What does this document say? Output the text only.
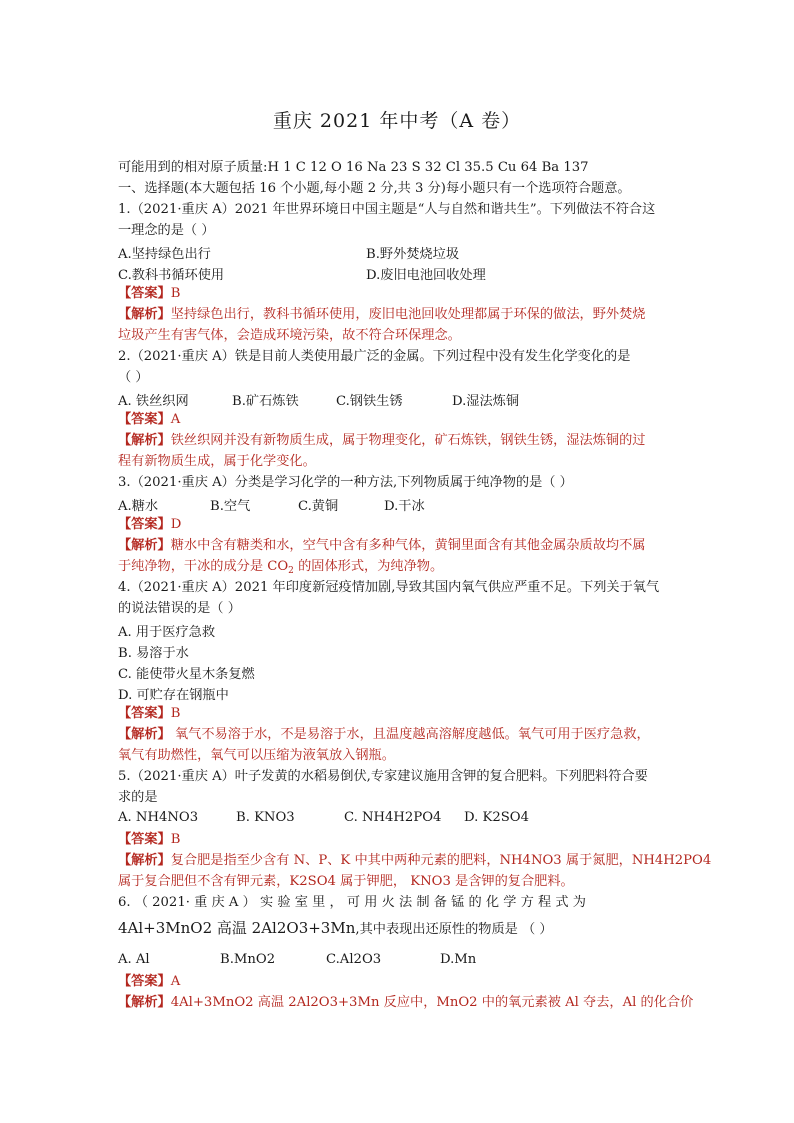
重庆 2021 年中考（A 卷）
可能用到的相对原子质量:H 1 C 12 O 16 Na 23 S 32 Cl 35.5 Cu 64 Ba 137
一、选择题(本大题包括 16 个小题,每小题 2 分,共 3 分)每小题只有一个选项符合题意。
1.（2021·重庆 A）2021 年世界环境日中国主题是“人与自然和谐共生”。下列做法不符合这
一理念的是（ ）
A.坚持绿色出行	B.野外焚烧垃圾
C.教科书循环使用	D.废旧电池回收处理
【答案】B
【解析】坚持绿色出行，教科书循环使用，废旧电池回收处理都属于环保的做法，野外焚烧
垃圾产生有害气体，会造成环境污染，故不符合环保理念。
2.（2021·重庆 A）铁是目前人类使用最广泛的金属。下列过程中没有发生化学变化的是
（ ）
A. 铁丝织网	B.矿石炼铁	C.钢铁生锈	D.湿法炼铜
【答案】A
【解析】铁丝织网并没有新物质生成，属于物理变化，矿石炼铁，钢铁生锈，湿法炼铜的过
程有新物质生成，属于化学变化。
3.（2021·重庆 A）分类是学习化学的一种方法,下列物质属于纯净物的是（ ）
A.糖水	B.空气	C.黄铜	D.干冰
【答案】D
【解析】糖水中含有糖类和水，空气中含有多种气体，黄铜里面含有其他金属杂质故均不属
于纯净物，干冰的成分是 $CO_2$ 的固体形式，为纯净物。
4.（2021·重庆 A）2021 年印度新冠疫情加剧,导致其国内氧气供应严重不足。下列关于氧气
的说法错误的是（ ）
A. 用于医疗急救
B. 易溶于水
C. 能使带火星木条复燃
D. 可贮存在钢瓶中
【答案】B
【解析】 氧气不易溶于水，不是易溶于水，且温度越高溶解度越低。氧气可用于医疗急救，
氧气有助燃性，氧气可以压缩为液氧放入钢瓶。
5.（2021·重庆 A）叶子发黄的水稻易倒伏,专家建议施用含钾的复合肥料。下列肥料符合要
求的是
A. NH4NO3	B. KNO3	C. NH4H2PO4 D. K2SO4
【答案】B
【解析】复合肥是指至少含有 N、P、K 中其中两种元素的肥料，NH4NO3 属于氮肥，NH4H2PO4
属于复合肥但不含有钾元素，K2SO4 属于钾肥， KNO3 是含钾的复合肥料。
6. （ 2021· 重 庆 A ） 实 验 室 里 ， 可 用 火 法 制 备 锰 的 化 学 方 程 式 为
4Al+3MnO2 高温 2Al2O3+3Mn,其中表现出还原性的物质是 （ ）
A. Al	B.MnO2	C.Al2O3	D.Mn
【答案】A
【解析】4Al+3MnO2 高温 2Al2O3+3Mn 反应中，MnO2 中的氧元素被 Al 夺去，Al 的化合价
